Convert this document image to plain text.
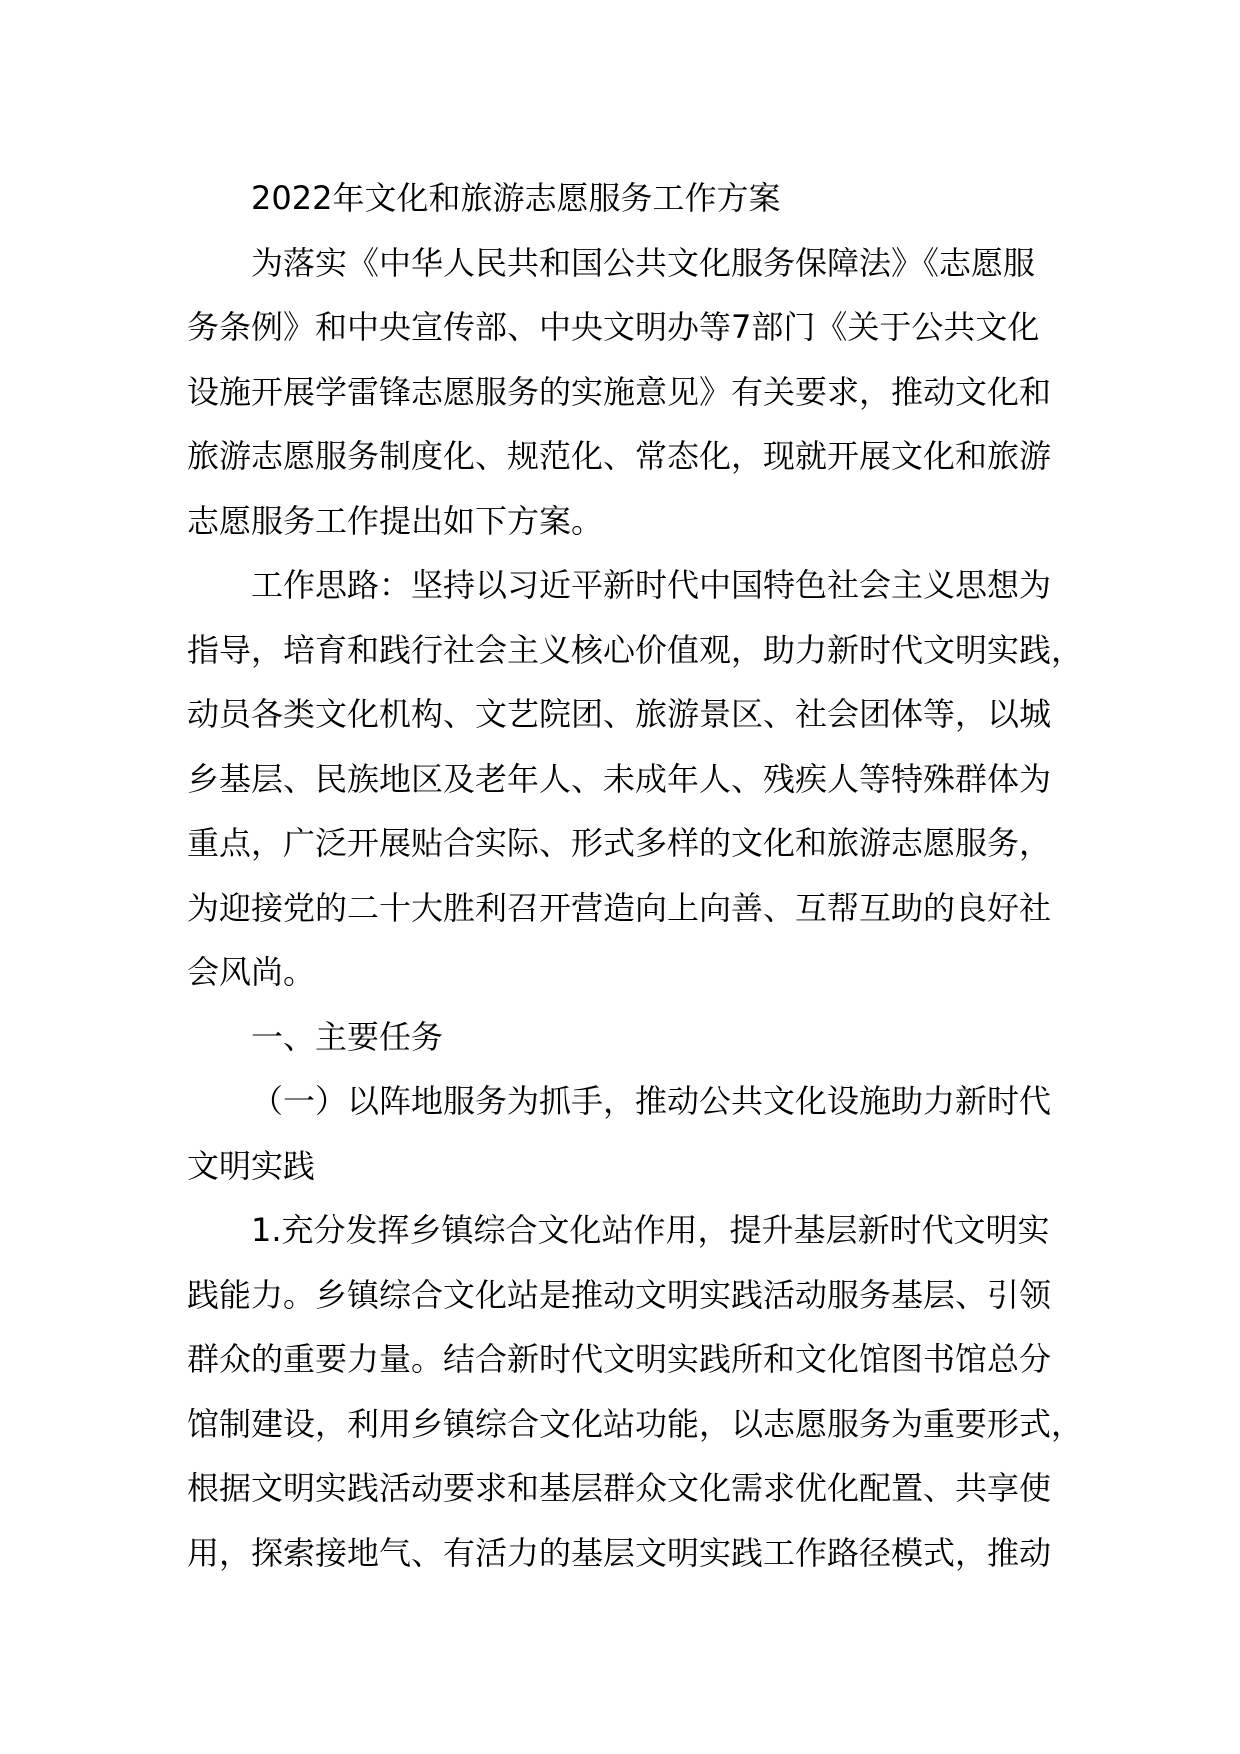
2022年文化和旅游志愿服务工作方案

为落实《中华人民共和国公共文化服务保障法》《志愿服
务条例》和中央宣传部、中央文明办等7部门《关于公共文化
设施开展学雷锋志愿服务的实施意见》有关要求，推动文化和
旅游志愿服务制度化、规范化、常态化，现就开展文化和旅游
志愿服务工作提出如下方案。

工作思路：坚持以习近平新时代中国特色社会主义思想为
指导，培育和践行社会主义核心价值观，助力新时代文明实践，
动员各类文化机构、文艺院团、旅游景区、社会团体等，以城
乡基层、民族地区及老年人、未成年人、残疾人等特殊群体为
重点，广泛开展贴合实际、形式多样的文化和旅游志愿服务，
为迎接党的二十大胜利召开营造向上向善、互帮互助的良好社
会风尚。

一、主要任务

（一）以阵地服务为抓手，推动公共文化设施助力新时代
文明实践

1.充分发挥乡镇综合文化站作用，提升基层新时代文明实
践能力。乡镇综合文化站是推动文明实践活动服务基层、引领
群众的重要力量。结合新时代文明实践所和文化馆图书馆总分
馆制建设，利用乡镇综合文化站功能，以志愿服务为重要形式，
根据文明实践活动要求和基层群众文化需求优化配置、共享使
用，探索接地气、有活力的基层文明实践工作路径模式，推动
